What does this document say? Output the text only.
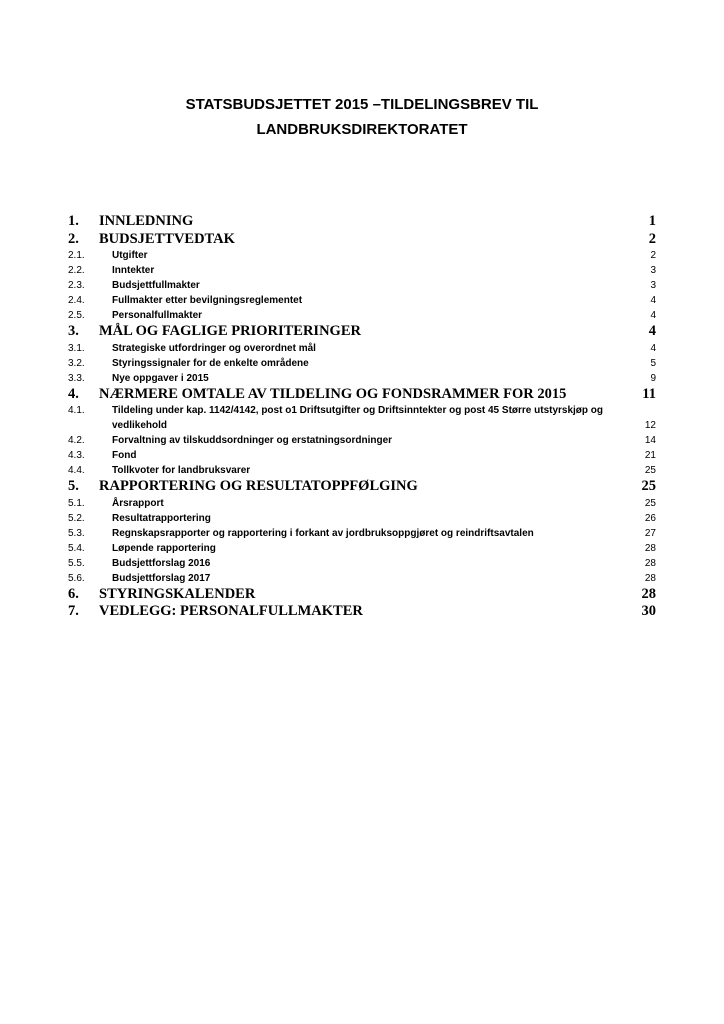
STATSBUDSJETTET 2015 –TILDELINGSBREV TIL
LANDBRUKSDIREKTORATET
1. INNLEDNING	1
2. BUDSJETTVEDTAK	2
2.1.	Utgifter	2
2.2.	Inntekter	3
2.3.	Budsjettfullmakter	3
2.4.	Fullmakter etter bevilgningsreglementet	4
2.5.	Personalfullmakter	4
3. MÅL OG FAGLIGE PRIORITERINGER	4
3.1.	Strategiske utfordringer og overordnet mål	4
3.2.	Styringssignaler for de enkelte områdene	5
3.3.	Nye oppgaver i 2015	9
4. NÆRMERE OMTALE AV TILDELING OG FONDSRAMMER FOR 2015	11
4.1.	Tildeling under kap. 1142/4142, post o1 Driftsutgifter og Driftsinntekter og post 45 Større utstyrskjøp og
vedlikehold	12
4.2.	Forvaltning av tilskuddsordninger og erstatningsordninger	14
4.3.	Fond	21
4.4.	Tollkvoter for landbruksvarer	25
5. RAPPORTERING OG RESULTATOPPFØLGING	25
5.1.	Årsrapport	25
5.2.	Resultatrapportering	26
5.3.	Regnskapsrapporter og rapportering i forkant av jordbruksoppgjøret og reindriftsavtalen	27
5.4.	Løpende rapportering	28
5.5.	Budsjettforslag 2016	28
5.6.	Budsjettforslag 2017	28
6. STYRINGSKALENDER	28
7. VEDLEGG: PERSONALFULLMAKTER	30
